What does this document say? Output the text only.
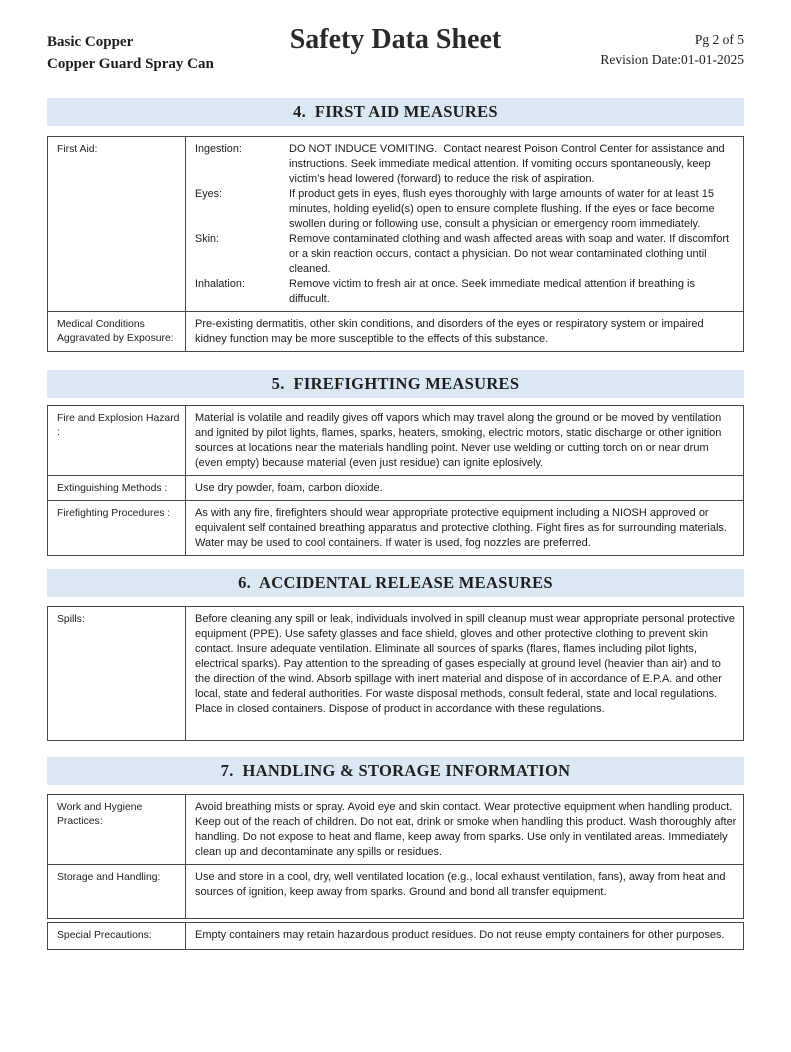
Basic Copper
Copper Guard Spray Can
Safety Data Sheet	Pg 2 of 5
Revision Date:01-01-2025
4.  FIRST AID MEASURES
First Aid:	Ingestion:	DO NOT INDUCE VOMITING.  Contact nearest Poison Control Center for assistance and instructions. Seek immediate medical attention. If vomiting occurs spontaneously, keep victim’s head lowered (forward) to reduce the risk of aspiration.
Eyes:	If product gets in eyes, flush eyes thoroughly with large amounts of water for at least 15 minutes, holding eyelid(s) open to ensure complete flushing. If the eyes or face become swollen during or following use, consult a physician or emergency room immediately.
Skin:	Remove contaminated clothing and wash affected areas with soap and water. If discomfort or a skin reaction occurs, contact a physician. Do not wear contaminated clothing until cleaned.
Inhalation:	Remove victim to fresh air at once. Seek immediate medical attention if breathing is diffucult.
Medical Conditions Aggravated by Exposure:
Pre-existing dermatitis, other skin conditions, and disorders of the eyes or respiratory system or impaired kidney function may be more susceptible to the effects of this substance.
5.  FIREFIGHTING MEASURES
Fire and Explosion Hazard :
Material is volatile and readily gives off vapors which may travel along the ground or be moved by ventilation and ignited by pilot lights, flames, sparks, heaters, smoking, electric motors, static discharge or other ignition sources at locations near the materials handling point. Never use welding or cutting torch on or near drum (even empty) because material (even just residue) can ignite eplosively.
Extinguishing Methods :	Use dry powder, foam, carbon dioxide.
Firefighting Procedures :	As with any fire, firefighters should wear appropriate protective equipment including a NIOSH approved or equivalent self contained breathing apparatus and protective clothing. Fight fires as for surrounding materials. Water may be used to cool containers. If water is used, fog nozzles are preferred.
6.  ACCIDENTAL RELEASE MEASURES
Spills:	Before cleaning any spill or leak, individuals involved in spill cleanup must wear appropriate personal protective equipment (PPE). Use safety glasses and face shield, gloves and other protective clothing to prevent skin contact. Insure adequate ventilation. Eliminate all sources of sparks (flares, flames including pilot lights, electrical sparks). Pay attention to the spreading of gases especially at ground level (heavier than air) and to the direction of the wind. Absorb spillage with inert material and dispose of in accordance of E.P.A. and other local, state and federal authorities. For waste disposal methods, consult federal, state and local regulations. Place in closed containers. Dispose of product in accordance with these regulations.
7.  HANDLING & STORAGE INFORMATION
Work and Hygiene Practices:
Avoid breathing mists or spray. Avoid eye and skin contact. Wear protective equipment when handling product. Keep out of the reach of children. Do not eat, drink or smoke when handling this product. Wash thoroughly after handling. Do not expose to heat and flame, keep away from sparks. Use only in ventilated areas. Immediately clean up and decontaminate any spills or residues.
Storage and Handling:	Use and store in a cool, dry, well ventilated location (e.g., local exhaust ventilation, fans), away from heat and sources of ignition, keep away from sparks. Ground and bond all transfer equipment.
Special Precautions:	Empty containers may retain hazardous product residues. Do not reuse empty containers for other purposes.
